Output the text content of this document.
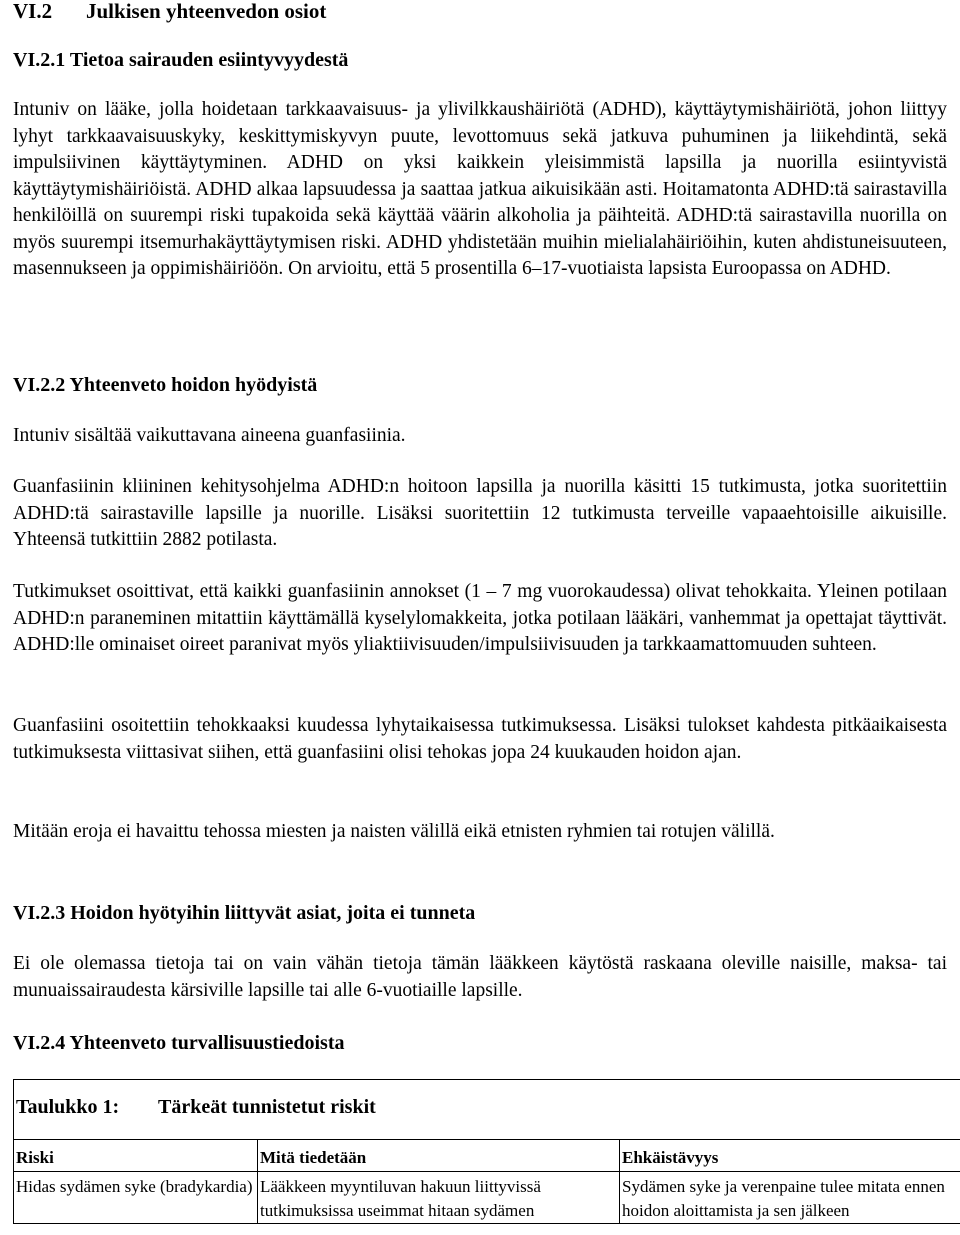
VI.2 Julkisen yhteenvedon osiot
VI.2.1 Tietoa sairauden esiintyvyydestä
Intuniv on lääke, jolla hoidetaan tarkkaavaisuus- ja ylivilkkaushäiriötä (ADHD), käyttäytymishäiriötä, johon liittyy lyhyt tarkkaavaisuuskyky, keskittymiskyvyn puute, levottomuus sekä jatkuva puhuminen ja liikehdintä, sekä impulsiivinen käyttäytyminen. ADHD on yksi kaikkein yleisimmistä lapsilla ja nuorilla esiintyvistä käyttäytymishäiriöistä. ADHD alkaa lapsuudessa ja saattaa jatkua aikuisikään asti. Hoitamatonta ADHD:tä sairastavilla henkilöillä on suurempi riski tupakoida sekä käyttää väärin alkoholia ja päihteitä. ADHD:tä sairastavilla nuorilla on myös suurempi itsemurhakäyttäytymisen riski. ADHD yhdistetään muihin mielialahäiriöihin, kuten ahdistuneisuuteen, masennukseen ja oppimishäiriöön. On arvioitu, että 5 prosentilla 6–17-vuotiaista lapsista Euroopassa on ADHD.
VI.2.2 Yhteenveto hoidon hyödyistä
Intuniv sisältää vaikuttavana aineena guanfasiinia.
Guanfasiinin kliininen kehitysohjelma ADHD:n hoitoon lapsilla ja nuorilla käsitti 15 tutkimusta, jotka suoritettiin ADHD:tä sairastaville lapsille ja nuorille. Lisäksi suoritettiin 12 tutkimusta terveille vapaaehtoisille aikuisille. Yhteensä tutkittiin 2882 potilasta.
Tutkimukset osoittivat, että kaikki guanfasiinin annokset (1 – 7 mg vuorokaudessa) olivat tehokkaita. Yleinen potilaan ADHD:n paraneminen mitattiin käyttämällä kyselylomakkeita, jotka potilaan lääkäri, vanhemmat ja opettajat täyttivät. ADHD:lle ominaiset oireet paranivat myös yliaktiivisuuden/impulsiivisuuden ja tarkkaamattomuuden suhteen.
Guanfasiini osoitettiin tehokkaaksi kuudessa lyhytaikaisessa tutkimuksessa. Lisäksi tulokset kahdesta pitkäaikaisesta tutkimuksesta viittasivat siihen, että guanfasiini olisi tehokas jopa 24 kuukauden hoidon ajan.
Mitään eroja ei havaittu tehossa miesten ja naisten välillä eikä etnisten ryhmien tai rotujen välillä.
VI.2.3 Hoidon hyötyihin liittyvät asiat, joita ei tunneta
Ei ole olemassa tietoja tai on vain vähän tietoja tämän lääkkeen käytöstä raskaana oleville naisille, maksa- tai munuaissairaudesta kärsiville lapsille tai alle 6-vuotiaille lapsille.
VI.2.4 Yhteenveto turvallisuustiedoista
Taulukko 1: Tärkeät tunnistetut riskit		
Riski	Mitä tiedetään	Ehkäistävyys
Hidas sydämen syke (bradykardia)	Lääkkeen myyntiluvan hakuun liittyvissä tutkimuksissa useimmat hitaan sydämen	Sydämen syke ja verenpaine tulee mitata ennen hoidon aloittamista ja sen jälkeen
